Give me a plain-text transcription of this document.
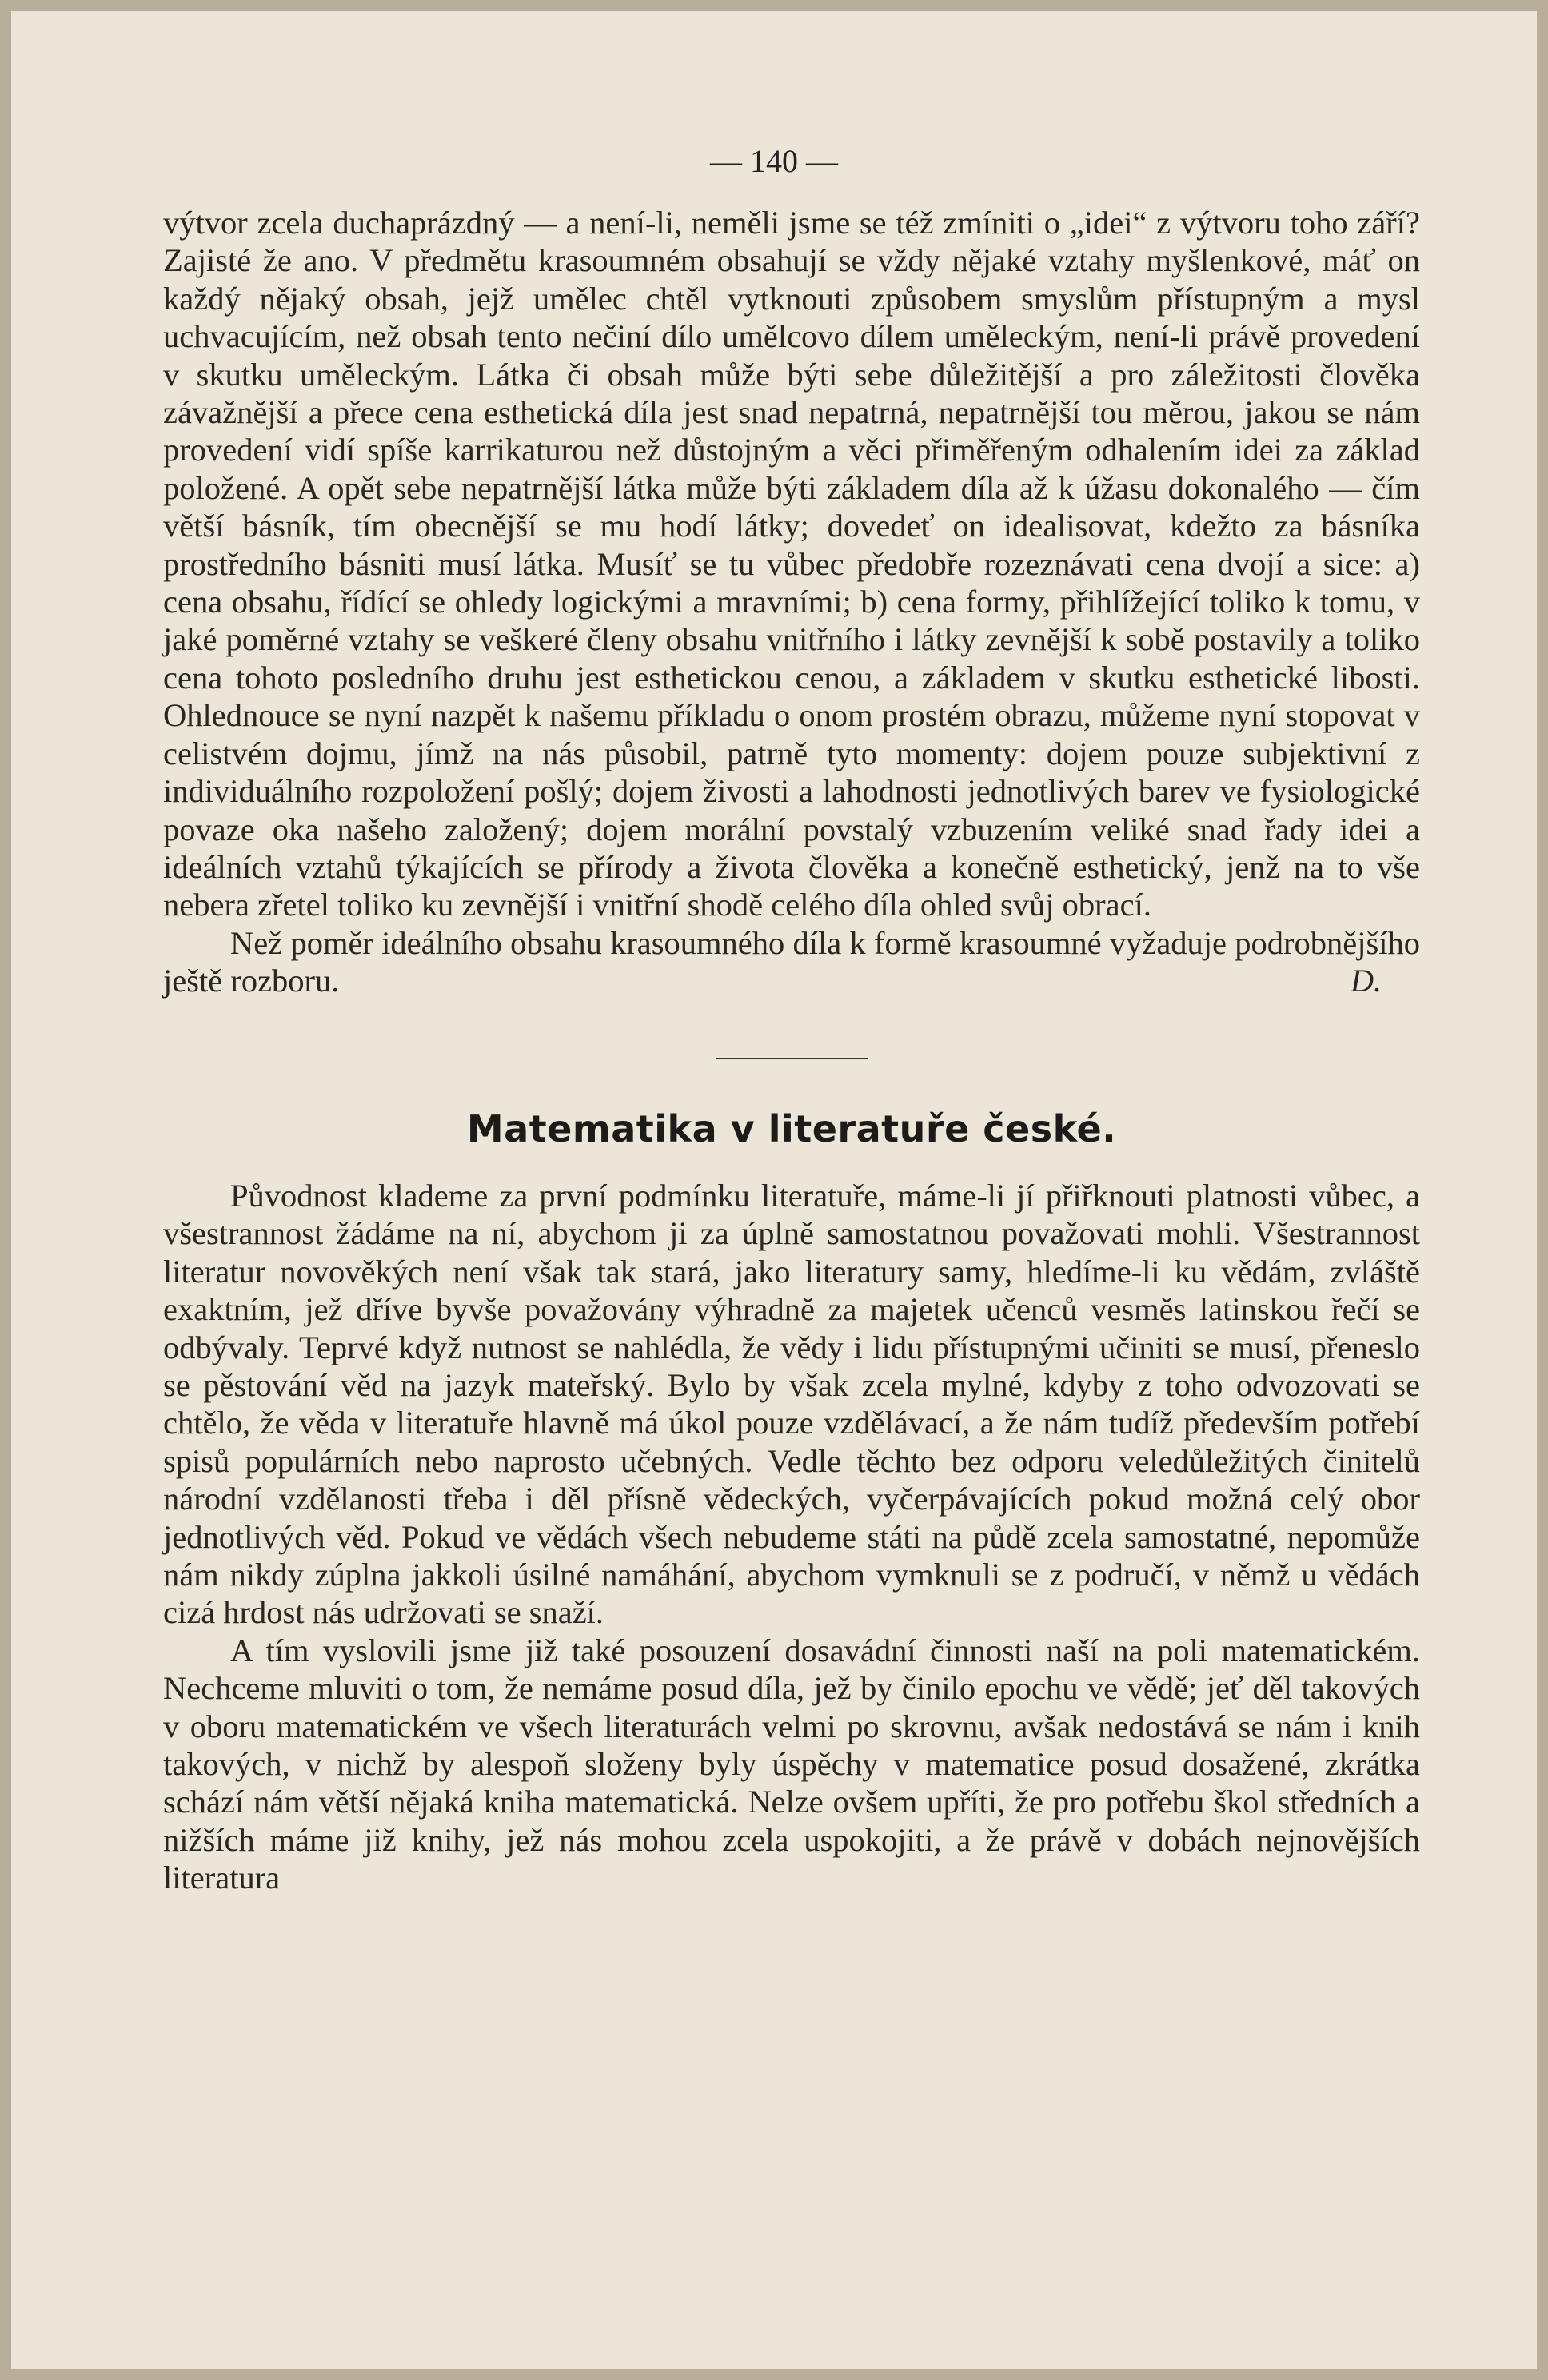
— 140 —

výtvor zcela duchaprázdný — a není-li, neměli jsme se též zmíniti o „idei“ z výtvoru toho září? Zajisté že ano. V předmětu krasoumném obsahují se vždy nějaké vztahy myšlenkové, máť on každý nějaký obsah, jejž umělec chtěl vytknouti způsobem smyslům přístupným a mysl uchvacujícím, než obsah tento nečiní dílo umělcovo dílem uměleckým, není-li právě provedení v skutku uměleckým. Látka či obsah může býti sebe důležitější a pro záležitosti člověka závažnější a přece cena esthetická díla jest snad nepatrná, nepatrnější tou měrou, jakou se nám provedení vidí spíše karrikaturou než důstojným a věci přiměřeným odhalením idei za základ položené. A opět sebe nepatrnější látka může býti základem díla až k úžasu dokonalého — čím větší básník, tím obecnější se mu hodí látky; dovedeť on idealisovat, kdežto za básníka prostředního básniti musí látka. Musíť se tu vůbec předobře rozeznávati cena dvojí a sice: a) cena obsahu, řídící se ohledy logickými a mravními; b) cena formy, přihlížející toliko k tomu, v jaké poměrné vztahy se veškeré členy obsahu vnitřního i látky zevnější k sobě postavily a toliko cena tohoto posledního druhu jest esthetickou cenou, a základem v skutku esthetické libosti. Ohlednouce se nyní nazpět k našemu příkladu o onom prostém obrazu, můžeme nyní stopovat v celistvém dojmu, jímž na nás působil, patrně tyto momenty: dojem pouze subjektivní z individuálního rozpoložení pošlý; dojem živosti a lahodnosti jednotlivých barev ve fysiologické povaze oka našeho založený; dojem morální povstalý vzbuzením veliké snad řady idei a ideálních vztahů týkajících se přírody a života člověka a konečně esthetický, jenž na to vše nebera zřetel toliko ku zevnější i vnitřní shodě celého díla ohled svůj obrací.

Než poměr ideálního obsahu krasoumného díla k formě krasoumné vyžaduje podrobnějšího ještě rozboru.	D.

Matematika v literatuře české.

Původnost klademe za první podmínku literatuře, máme-li jí přiřknouti platnosti vůbec, a všestrannost žádáme na ní, abychom ji za úplně samostatnou považovati mohli. Všestrannost literatur novověkých není však tak stará, jako literatury samy, hledíme-li ku vědám, zvláště exaktním, jež dříve byvše považovány výhradně za majetek učenců vesměs latinskou řečí se odbývaly. Teprvé když nutnost se nahlédla, že vědy i lidu přístupnými učiniti se musí, přeneslo se pěstování věd na jazyk mateřský. Bylo by však zcela mylné, kdyby z toho odvozovati se chtělo, že věda v literatuře hlavně má úkol pouze vzdělávací, a že nám tudíž především potřebí spisů populárních nebo naprosto učebných. Vedle těchto bez odporu veledůležitých činitelů národní vzdělanosti třeba i děl přísně vědeckých, vyčerpávajících pokud možná celý obor jednotlivých věd. Pokud ve vědách všech nebudeme státi na půdě zcela samostatné, nepomůže nám nikdy zúplna jakkoli úsilné namáhání, abychom vymknuli se z područí, v němž u vědách cizá hrdost nás udržovati se snaží.

A tím vyslovili jsme již také posouzení dosavádní činnosti naší na poli matematickém. Nechceme mluviti o tom, že nemáme posud díla, jež by činilo epochu ve vědě; jeť děl takových v oboru matematickém ve všech literaturách velmi po skrovnu, avšak nedostává se nám i knih takových, v nichž by alespoň složeny byly úspěchy v matematice posud dosažené, zkrátka schází nám větší nějaká kniha matematická. Nelze ovšem upříti, že pro potřebu škol středních a nižších máme již knihy, jež nás mohou zcela uspokojiti, a že právě v dobách nejnovějších literatura
